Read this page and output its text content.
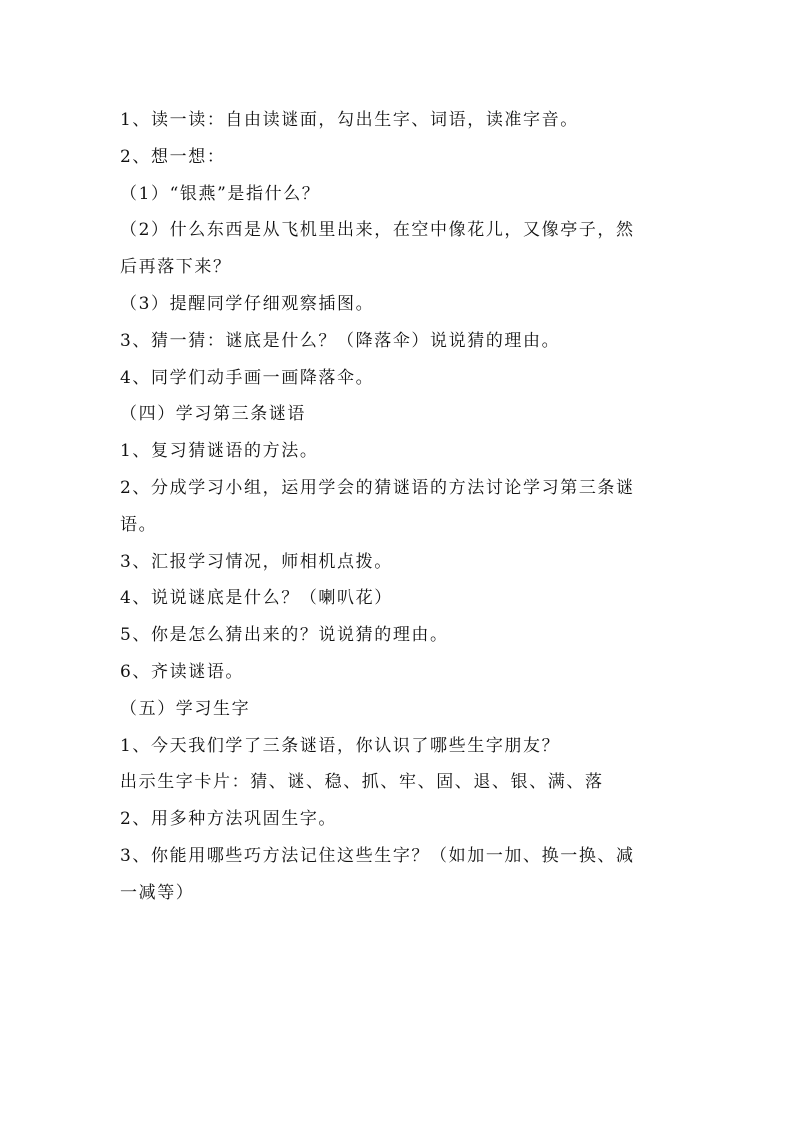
1、读一读：自由读谜面，勾出生字、词语，读准字音。
2、想一想：
（1）“银燕”是指什么？
（2）什么东西是从飞机里出来，在空中像花儿，又像亭子，然
后再落下来？
（3）提醒同学仔细观察插图。
3、猜一猜：谜底是什么？（降落伞）说说猜的理由。
4、同学们动手画一画降落伞。
（四）学习第三条谜语
1、复习猜谜语的方法。
2、分成学习小组，运用学会的猜谜语的方法讨论学习第三条谜
语。
3、汇报学习情况，师相机点拨。
4、说说谜底是什么？（喇叭花）
5、你是怎么猜出来的？说说猜的理由。
6、齐读谜语。
（五）学习生字
1、今天我们学了三条谜语，你认识了哪些生字朋友？
出示生字卡片：猜、谜、稳、抓、牢、固、退、银、满、落
2、用多种方法巩固生字。
3、你能用哪些巧方法记住这些生字？（如加一加、换一换、减
一减等）
